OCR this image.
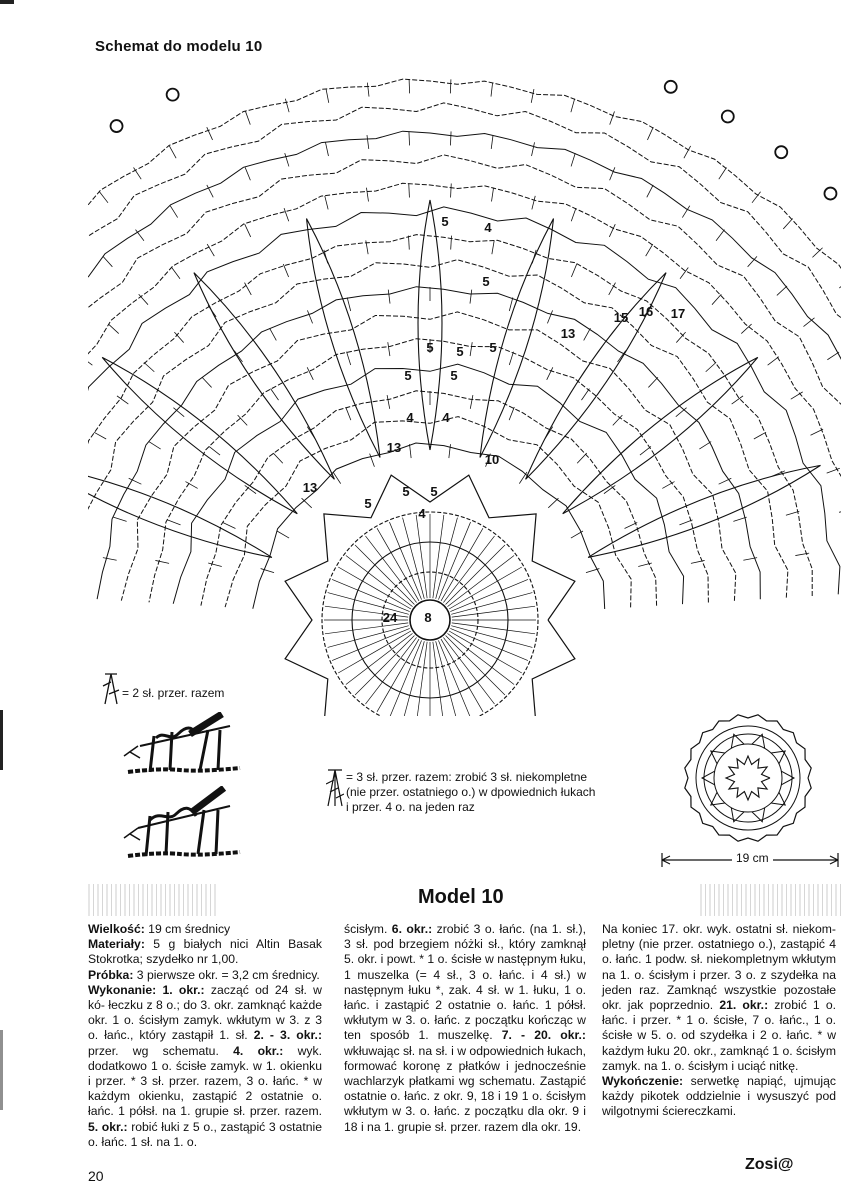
Schemat do modelu 10
5	4
5
5
15 16 17
13
5 5
5	5
4 4
13
10
13
5
5 5
4
24 8
= 2 sł. przer. razem
= 3 sł. przer. razem: zrobić 3 sł. niekompletne (nie przer. ostatniego o.) w dpowiednich łukach i przer. 4 o. na jeden raz
19 cm
Model 10

Wielkość: 19 cm średnicy
Materiały: 5 g białych nici Altin Basak Stokrotka; szydełko nr 1,00.
Próbka: 3 pierwsze okr. = 3,2 cm średnicy.
Wykonanie: 1. okr.: zacząć od 24 sł. w kó- łeczku z 8 o.; do 3. okr. zamknąć każde okr. 1 o. ścisłym zamyk. wkłutym w 3. z 3 o. łańc., który zastąpił 1. sł. 2. - 3. okr.: przer. wg schematu. 4. okr.: wyk. dodatkowo 1 o. ścisłe zamyk. w 1. okienku i przer. * 3 sł. przer. razem, 3 o. łańc. * w każdym okienku, zastąpić 2 ostatnie o. łańc. 1 półsł. na 1. grupie sł. przer. razem. 5. okr.: robić łuki z 5 o., zastąpić 3 ostatnie o. łańc. 1 sł. na 1. o.

ścisłym. 6. okr.: zrobić 3 o. łańc. (na 1. sł.), 3 sł. pod brzegiem nóżki sł., który zamknął 5. okr. i powt. * 1 o. ścisłe w następnym łuku, 1 muszelka (= 4 sł., 3 o. łańc. i 4 sł.) w następnym łuku *, zak. 4 sł. w 1. łuku, 1 o. łańc. i zastąpić 2 ostatnie o. łańc. 1 półsł. wkłutym w 3. o. łańc. z początku kończąc w ten sposób 1. muszelkę. 7. - 20. okr.: wkłuwając sł. na sł. i w odpowiednich łukach, formować koronę z płatków i jednocześnie wachlarzyk płatkami wg schematu. Zastąpić ostatnie o. łańc. z okr. 9, 18 i 19 1 o. ścisłym wkłutym w 3. o. łańc. z początku dla okr. 9 i 18 i na 1. grupie sł. przer. razem dla okr. 19.

Na koniec 17. okr. wyk. ostatni sł. niekom- pletny (nie przer. ostatniego o.), zastąpić 4 o. łańc. 1 podw. sł. niekompletnym wkłutym na 1. o. ścisłym i przer. 3 o. z szydełka na jeden raz. Zamknąć wszystkie pozostałe okr. jak poprzednio. 21. okr.: zrobić 1 o. łańc. i przer. * 1 o. ścisłe, 7 o. łańc., 1 o. ścisłe w 5. o. od szydełka i 2 o. łańc. * w każdym łuku 20. okr., zamknąć 1 o. ścisłym zamyk. na 1. o. ścisłym i uciąć nitkę.
Wykończenie: serwetkę napiąć, ujmując każdy pikotek oddzielnie i wysuszyć pod wilgotnymi ściereczkami.

20
Zosi@
